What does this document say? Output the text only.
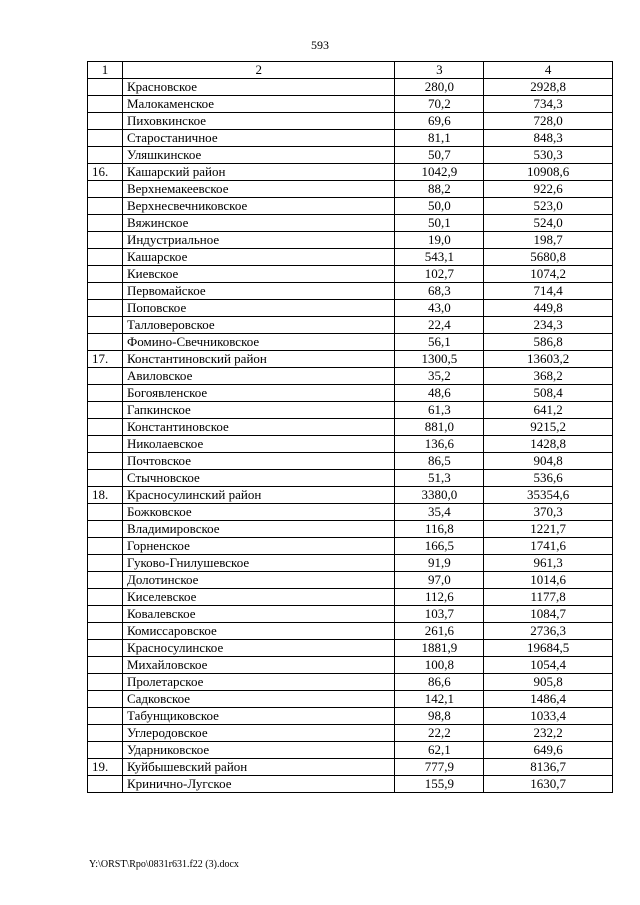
593
1	2	3	4
	Красновское	280,0	2928,8
	Малокаменское	70,2	734,3
	Пиховкинское	69,6	728,0
	Старостаничное	81,1	848,3
	Уляшкинское	50,7	530,3
16.	Кашарский район	1042,9	10908,6
	Верхнемакеевское	88,2	922,6
	Верхнесвечниковское	50,0	523,0
	Вяжинское	50,1	524,0
	Индустриальное	19,0	198,7
	Кашарское	543,1	5680,8
	Киевское	102,7	1074,2
	Первомайское	68,3	714,4
	Поповское	43,0	449,8
	Талловеровское	22,4	234,3
	Фомино-Свечниковское	56,1	586,8
17.	Константиновский район	1300,5	13603,2
	Авиловское	35,2	368,2
	Богоявленское	48,6	508,4
	Гапкинское	61,3	641,2
	Константиновское	881,0	9215,2
	Николаевское	136,6	1428,8
	Почтовское	86,5	904,8
	Стычновское	51,3	536,6
18.	Красносулинский район	3380,0	35354,6
	Божковское	35,4	370,3
	Владимировское	116,8	1221,7
	Горненское	166,5	1741,6
	Гуково-Гнилушевское	91,9	961,3
	Долотинское	97,0	1014,6
	Киселевское	112,6	1177,8
	Ковалевское	103,7	1084,7
	Комиссаровское	261,6	2736,3
	Красносулинское	1881,9	19684,5
	Михайловское	100,8	1054,4
	Пролетарское	86,6	905,8
	Садковское	142,1	1486,4
	Табунщиковское	98,8	1033,4
	Углеродовское	22,2	232,2
	Ударниковское	62,1	649,6
19.	Куйбышевский район	777,9	8136,7
	Кринично-Лугское	155,9	1630,7
Y:\ORST\Rpo\0831r631.f22 (3).docx
